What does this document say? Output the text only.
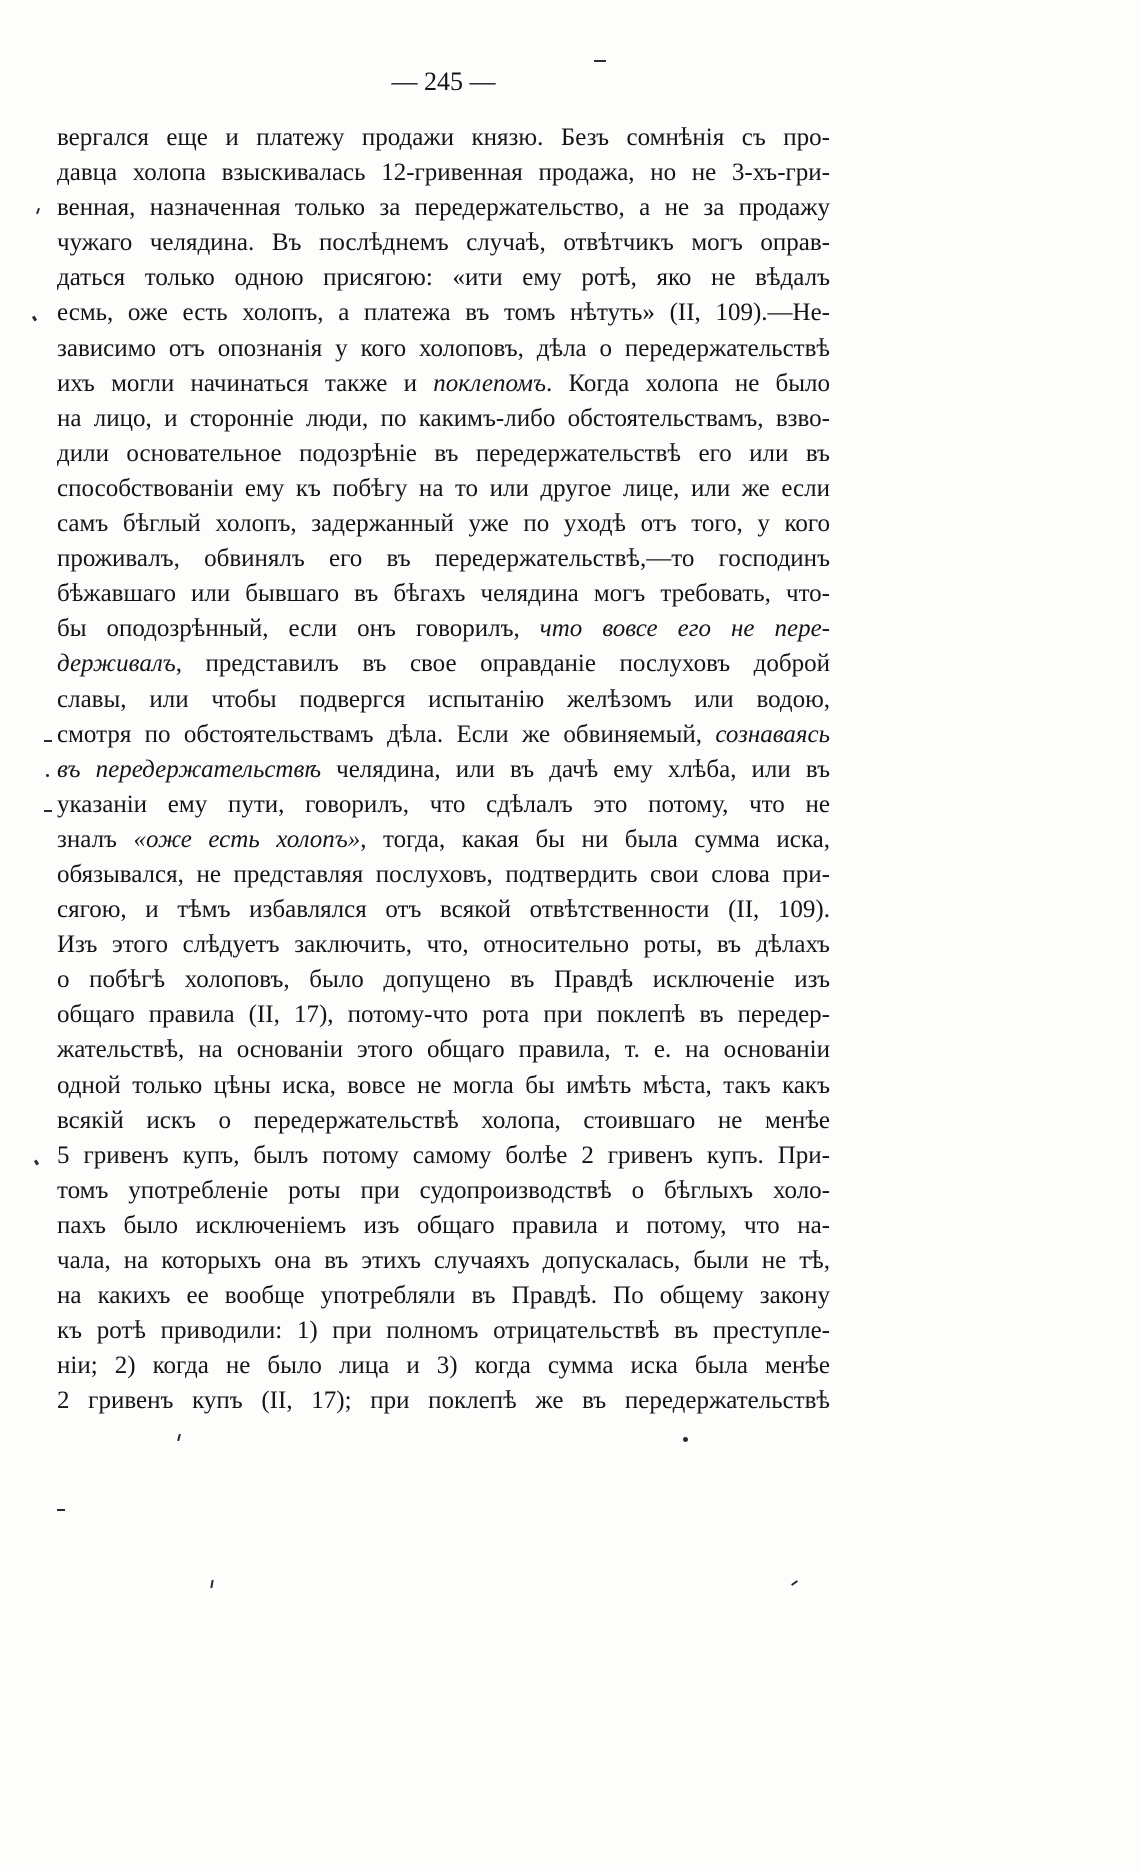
— 245 —
вергался еще и платежу продажи князю. Безъ сомнѣнія съ про-
давца холопа взыскивалась 12-гривенная продажа, но не 3-хъ-гри-
венная, назначенная только за передержательство, а не за продажу
чужаго челядина. Въ послѣднемъ случаѣ, отвѣтчикъ могъ оправ-
даться только одною присягою: «ити ему ротѣ, яко не вѣдалъ
есмь, оже есть холопъ, а платежа въ томъ нѣтуть» (II, 109).—Не-
зависимо отъ опознанія у кого холоповъ, дѣла о передержательствѣ
ихъ могли начинаться также и поклепомъ. Когда холопа не было
на лицо, и сторонніе люди, по какимъ-либо обстоятельствамъ, взво-
дили основательное подозрѣніе въ передержательствѣ его или въ
способствованіи ему къ побѣгу на то или другое лице, или же если
самъ бѣглый холопъ, задержанный уже по уходѣ отъ того, у кого
проживалъ, обвинялъ его въ передержательствѣ,—то господинъ
бѣжавшаго или бывшаго въ бѣгахъ челядина могъ требовать, что-
бы оподозрѣнный, если онъ говорилъ, что вовсе его не пере-
держивалъ, представилъ въ свое оправданіе послуховъ доброй
славы, или чтобы подвергся испытанію желѣзомъ или водою,
смотря по обстоятельствамъ дѣла. Если же обвиняемый, сознаваясь
въ передержательствѣ челядина, или въ дачѣ ему хлѣба, или въ
указаніи ему пути, говорилъ, что сдѣлалъ это потому, что не
зналъ «оже есть холопъ», тогда, какая бы ни была сумма иска,
обязывался, не представляя послуховъ, подтвердить свои слова при-
сягою, и тѣмъ избавлялся отъ всякой отвѣтственности (II, 109).
Изъ этого слѣдуетъ заключить, что, относительно роты, въ дѣлахъ
о побѣгѣ холоповъ, было допущено въ Правдѣ исключеніе изъ
общаго правила (II, 17), потому-что рота при поклепѣ въ передер-
жательствѣ, на основаніи этого общаго правила, т. е. на основаніи
одной только цѣны иска, вовсе не могла бы имѣть мѣста, такъ какъ
всякій искъ о передержательствѣ холопа, стоившаго не менѣе
5 гривенъ купъ, былъ потому самому болѣе 2 гривенъ купъ. При-
томъ употребленіе роты при судопроизводствѣ о бѣглыхъ холо-
пахъ было исключеніемъ изъ общаго правила и потому, что на-
чала, на которыхъ она въ этихъ случаяхъ допускалась, были не тѣ,
на какихъ ее вообще употребляли въ Правдѣ. По общему закону
къ ротѣ приводили: 1) при полномъ отрицательствѣ въ преступле-
ніи; 2) когда не было лица и 3) когда сумма иска была менѣе
2 гривенъ купъ (II, 17); при поклепѣ же въ передержательствѣ
